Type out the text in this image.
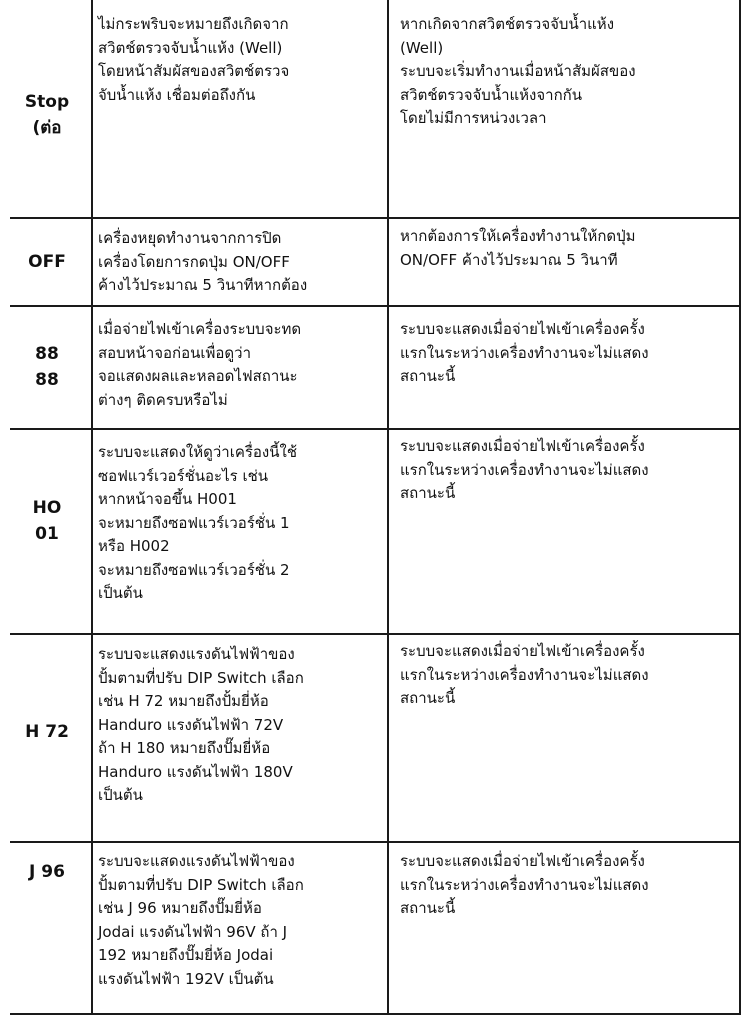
Stop
(ต่อ
ไม่กระพริบจะหมายถึงเกิดจาก
สวิตช์ตรวจจับน้ำแห้ง (Well)
โดยหน้าสัมผัสของสวิตช์ตรวจ
จับน้ำแห้ง เชื่อมต่อถึงกัน
หากเกิดจากสวิตช์ตรวจจับน้ำแห้ง
(Well)
ระบบจะเริ่มทำงานเมื่อหน้าสัมผัสของ
สวิตช์ตรวจจับน้ำแห้งจากกัน
โดยไม่มีการหน่วงเวลา
OFF
เครื่องหยุดทำงานจากการปิด
เครื่องโดยการกดปุ่ม ON/OFF
ค้างไว้ประมาณ 5 วินาทีหากต้อง
หากต้องการให้เครื่องทำงานให้กดปุ่ม
ON/OFF ค้างไว้ประมาณ 5 วินาที
88
88
เมื่อจ่ายไฟเข้าเครื่องระบบจะทด
สอบหน้าจอก่อนเพื่อดูว่า
จอแสดงผลและหลอดไฟสถานะ
ต่างๆ ติดครบหรือไม่
ระบบจะแสดงเมื่อจ่ายไฟเข้าเครื่องครั้ง
แรกในระหว่างเครื่องทำงานจะไม่แสดง
สถานะนี้
HO
01
ระบบจะแสดงให้ดูว่าเครื่องนี้ใช้
ซอฟแวร์เวอร์ชั่นอะไร เช่น
หากหน้าจอขึ้น H001
จะหมายถึงซอฟแวร์เวอร์ชั่น 1
หรือ H002
จะหมายถึงซอฟแวร์เวอร์ชั่น 2
เป็นต้น
ระบบจะแสดงเมื่อจ่ายไฟเข้าเครื่องครั้ง
แรกในระหว่างเครื่องทำงานจะไม่แสดง
สถานะนี้
H 72
ระบบจะแสดงแรงดันไฟฟ้าของ
ปั้มตามที่ปรับ DIP Switch เลือก
เช่น H 72 หมายถึงปั้มยี่ห้อ
Handuro แรงดันไฟฟ้า 72V
ถ้า H 180 หมายถึงปั๊มยี่ห้อ
Handuro แรงดันไฟฟ้า 180V
เป็นต้น
ระบบจะแสดงเมื่อจ่ายไฟเข้าเครื่องครั้ง
แรกในระหว่างเครื่องทำงานจะไม่แสดง
สถานะนี้
J 96
ระบบจะแสดงแรงดันไฟฟ้าของ
ปั้มตามที่ปรับ DIP Switch เลือก
เช่น J 96 หมายถึงปั๊มยี่ห้อ
Jodai แรงดันไฟฟ้า 96V ถ้า J
192 หมายถึงปั๊มยี่ห้อ Jodai
แรงดันไฟฟ้า 192V เป็นต้น
ระบบจะแสดงเมื่อจ่ายไฟเข้าเครื่องครั้ง
แรกในระหว่างเครื่องทำงานจะไม่แสดง
สถานะนี้
